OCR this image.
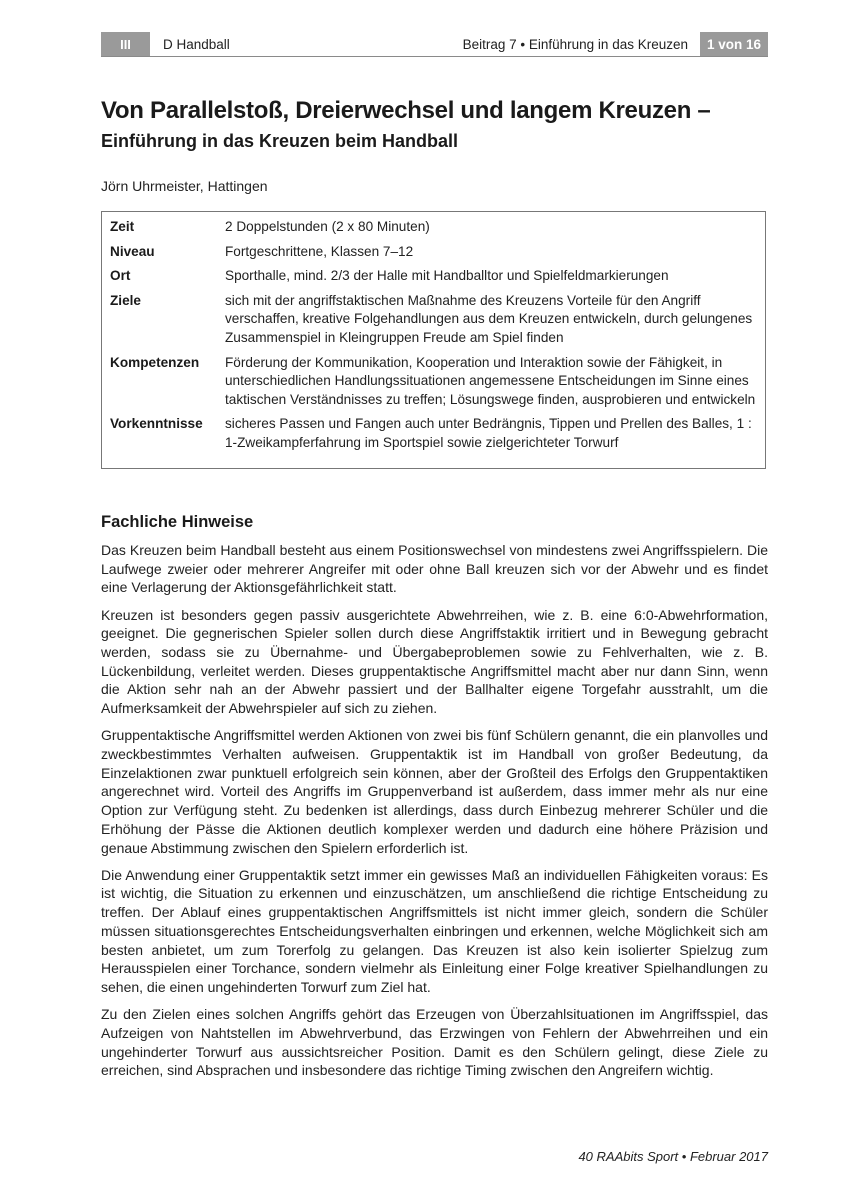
III	D Handball	Beitrag 7 • Einführung in das Kreuzen	1 von 16
Von Parallelstoß, Dreierwechsel und langem Kreuzen –
Einführung in das Kreuzen beim Handball
Jörn Uhrmeister, Hattingen
Zeit	2 Doppelstunden (2 x 80 Minuten)
Niveau	Fortgeschrittene, Klassen 7–12
Ort	Sporthalle, mind. 2/3 der Halle mit Handballtor und Spielfeldmarkierungen
Ziele	sich mit der angriffstaktischen Maßnahme des Kreuzens Vorteile für den Angriff verschaffen, kreative Folgehandlungen aus dem Kreuzen entwickeln, durch gelungenes Zusammenspiel in Kleingruppen Freude am Spiel finden
Kompetenzen	Förderung der Kommunikation, Kooperation und Interaktion sowie der Fähigkeit, in unterschiedlichen Handlungssituationen angemessene Entscheidungen im Sinne eines taktischen Verständnisses zu treffen; Lösungswege finden, ausprobieren und entwickeln
Vorkenntnisse	sicheres Passen und Fangen auch unter Bedrängnis, Tippen und Prellen des Balles, 1 : 1-Zweikampferfahrung im Sportspiel sowie zielgerichteter Torwurf
Fachliche Hinweise

Das Kreuzen beim Handball besteht aus einem Positionswechsel von mindestens zwei Angriffsspielern. Die Laufwege zweier oder mehrerer Angreifer mit oder ohne Ball kreuzen sich vor der Abwehr und es findet eine Verlagerung der Aktionsgefährlichkeit statt.

Kreuzen ist besonders gegen passiv ausgerichtete Abwehrreihen, wie z. B. eine 6:0-Abwehrformation, geeignet. Die gegnerischen Spieler sollen durch diese Angriffstaktik irritiert und in Bewegung gebracht werden, sodass sie zu Übernahme- und Übergabeproblemen sowie zu Fehlverhalten, wie z. B. Lückenbildung, verleitet werden. Dieses gruppentaktische Angriffsmittel macht aber nur dann Sinn, wenn die Aktion sehr nah an der Abwehr passiert und der Ballhalter eigene Torgefahr ausstrahlt, um die Aufmerksamkeit der Abwehrspieler auf sich zu ziehen.

Gruppentaktische Angriffsmittel werden Aktionen von zwei bis fünf Schülern genannt, die ein planvolles und zweckbestimmtes Verhalten aufweisen. Gruppentaktik ist im Handball von großer Bedeutung, da Einzelaktionen zwar punktuell erfolgreich sein können, aber der Großteil des Erfolgs den Gruppentaktiken angerechnet wird. Vorteil des Angriffs im Gruppenverband ist außerdem, dass immer mehr als nur eine Option zur Verfügung steht. Zu bedenken ist allerdings, dass durch Einbezug mehrerer Schüler und die Erhöhung der Pässe die Aktionen deutlich komplexer werden und dadurch eine höhere Präzision und genaue Abstimmung zwischen den Spielern erforderlich ist.

Die Anwendung einer Gruppentaktik setzt immer ein gewisses Maß an individuellen Fähigkeiten voraus: Es ist wichtig, die Situation zu erkennen und einzuschätzen, um anschließend die richtige Entscheidung zu treffen. Der Ablauf eines gruppentaktischen Angriffsmittels ist nicht immer gleich, sondern die Schüler müssen situationsgerechtes Entscheidungsverhalten einbringen und erkennen, welche Möglichkeit sich am besten anbietet, um zum Torerfolg zu gelangen. Das Kreuzen ist also kein isolierter Spielzug zum Herausspielen einer Torchance, sondern vielmehr als Einleitung einer Folge kreativer Spielhandlungen zu sehen, die einen ungehinderten Torwurf zum Ziel hat.

Zu den Zielen eines solchen Angriffs gehört das Erzeugen von Überzahlsituationen im Angriffsspiel, das Aufzeigen von Nahtstellen im Abwehrverbund, das Erzwingen von Fehlern der Abwehrreihen und ein ungehinderter Torwurf aus aussichtsreicher Position. Damit es den Schülern gelingt, diese Ziele zu erreichen, sind Absprachen und insbesondere das richtige Timing zwischen den Angreifern wichtig.

40 RAAbits Sport • Februar 2017
